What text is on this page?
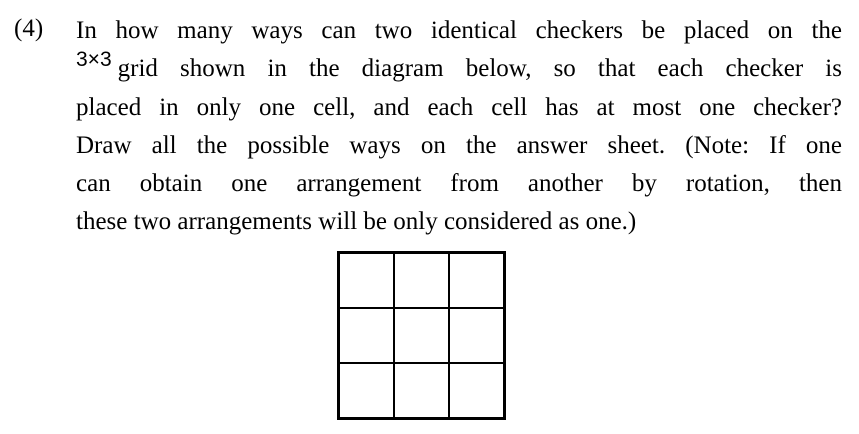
(4) In how many ways can two identical checkers be placed on the
$^{3\times 3}$ grid shown in the diagram below, so that each checker is
placed in only one cell, and each cell has at most one checker?
Draw all the possible ways on the answer sheet. (Note: If one
can obtain one arrangement from another by rotation, then
these two arrangements will be only considered as one.)
